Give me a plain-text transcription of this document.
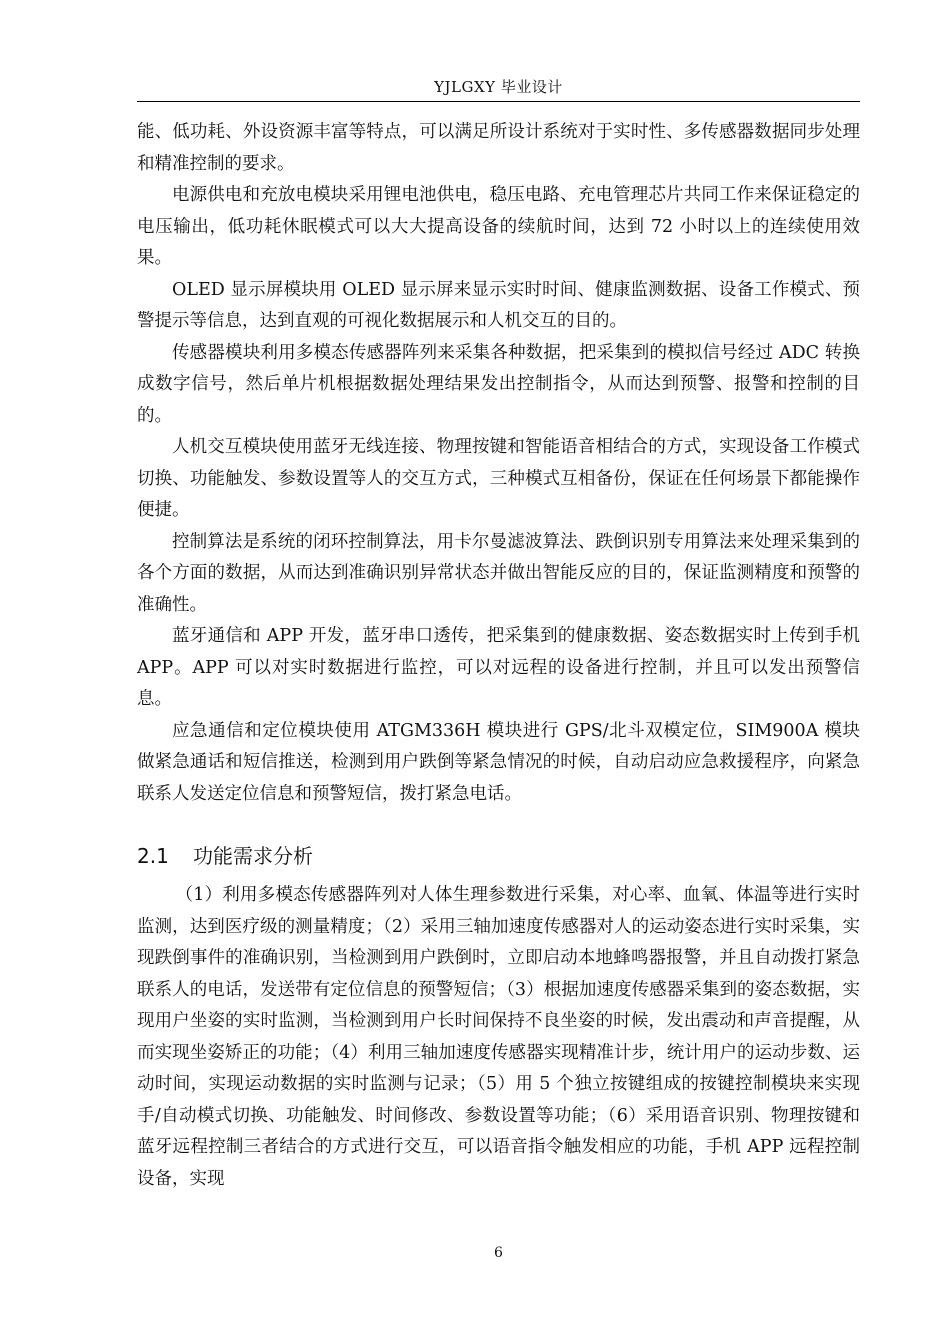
YJLGXY 毕业设计

能、低功耗、外设资源丰富等特点，可以满足所设计系统对于实时性、多传感器数据同步处理和精准控制的要求。

电源供电和充放电模块采用锂电池供电，稳压电路、充电管理芯片共同工作来保证稳定的电压输出，低功耗休眠模式可以大大提高设备的续航时间，达到 72 小时以上的连续使用效果。

OLED 显示屏模块用 OLED 显示屏来显示实时时间、健康监测数据、设备工作模式、预警提示等信息，达到直观的可视化数据展示和人机交互的目的。

传感器模块利用多模态传感器阵列来采集各种数据，把采集到的模拟信号经过 ADC 转换成数字信号，然后单片机根据数据处理结果发出控制指令，从而达到预警、报警和控制的目的。

人机交互模块使用蓝牙无线连接、物理按键和智能语音相结合的方式，实现设备工作模式切换、功能触发、参数设置等人的交互方式，三种模式互相备份，保证在任何场景下都能操作便捷。

控制算法是系统的闭环控制算法，用卡尔曼滤波算法、跌倒识别专用算法来处理采集到的各个方面的数据，从而达到准确识别异常状态并做出智能反应的目的，保证监测精度和预警的准确性。

蓝牙通信和 APP 开发，蓝牙串口透传，把采集到的健康数据、姿态数据实时上传到手机 APP。APP 可以对实时数据进行监控，可以对远程的设备进行控制，并且可以发出预警信息。

应急通信和定位模块使用 ATGM336H 模块进行 GPS/北斗双模定位，SIM900A 模块做紧急通话和短信推送，检测到用户跌倒等紧急情况的时候，自动启动应急救援程序，向紧急联系人发送定位信息和预警短信，拨打紧急电话。

2.1 功能需求分析

（1）利用多模态传感器阵列对人体生理参数进行采集，对心率、血氧、体温等进行实时监测，达到医疗级的测量精度；（2）采用三轴加速度传感器对人的运动姿态进行实时采集，实现跌倒事件的准确识别，当检测到用户跌倒时，立即启动本地蜂鸣器报警，并且自动拨打紧急联系人的电话，发送带有定位信息的预警短信；（3）根据加速度传感器采集到的姿态数据，实现用户坐姿的实时监测，当检测到用户长时间保持不良坐姿的时候，发出震动和声音提醒，从而实现坐姿矫正的功能；（4）利用三轴加速度传感器实现精准计步，统计用户的运动步数、运动时间，实现运动数据的实时监测与记录；（5）用 5 个独立按键组成的按键控制模块来实现手/自动模式切换、功能触发、时间修改、参数设置等功能；（6）采用语音识别、物理按键和蓝牙远程控制三者结合的方式进行交互，可以语音指令触发相应的功能，手机 APP 远程控制设备，实现

6
